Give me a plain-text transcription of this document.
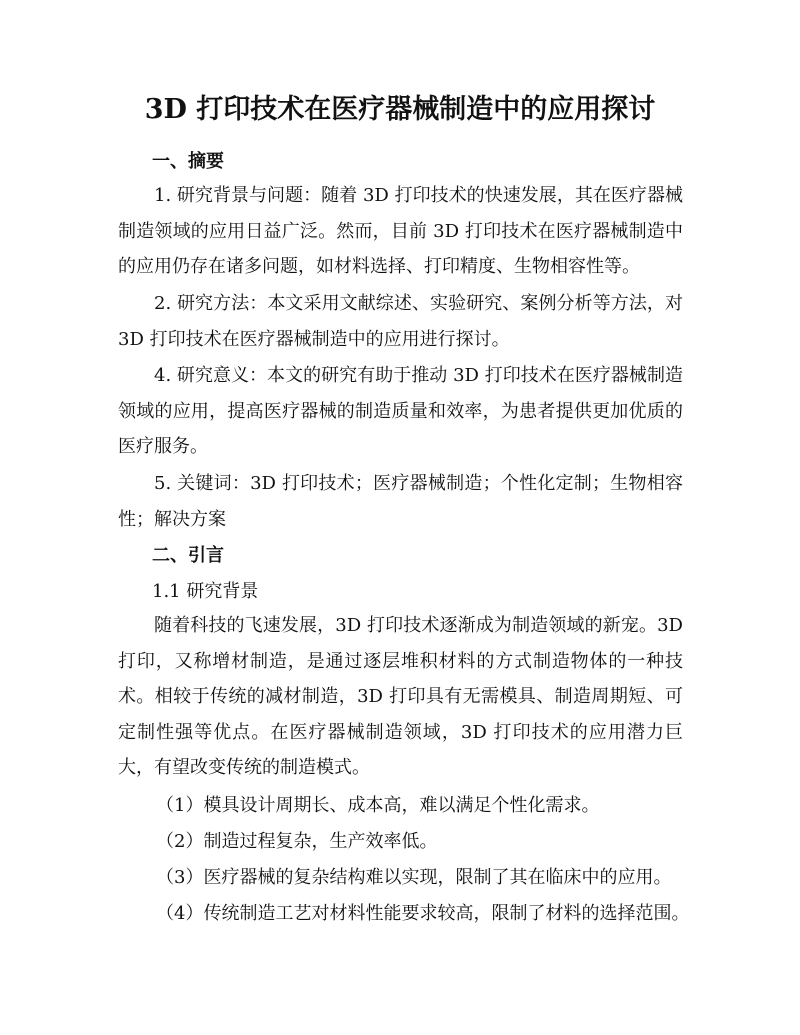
3D 打印技术在医疗器械制造中的应用探讨
一、摘要
1. 研究背景与问题：随着 3D 打印技术的快速发展，其在医疗器械制造领域的应用日益广泛。然而，目前 3D 打印技术在医疗器械制造中的应用仍存在诸多问题，如材料选择、打印精度、生物相容性等。
2. 研究方法：本文采用文献综述、实验研究、案例分析等方法，对 3D 打印技术在医疗器械制造中的应用进行探讨。
4. 研究意义：本文的研究有助于推动 3D 打印技术在医疗器械制造领域的应用，提高医疗器械的制造质量和效率，为患者提供更加优质的医疗服务。
5. 关键词：3D 打印技术；医疗器械制造；个性化定制；生物相容性；解决方案
二、引言
1.1 研究背景
随着科技的飞速发展，3D 打印技术逐渐成为制造领域的新宠。3D 打印，又称增材制造，是通过逐层堆积材料的方式制造物体的一种技术。相较于传统的减材制造，3D 打印具有无需模具、制造周期短、可定制性强等优点。在医疗器械制造领域，3D 打印技术的应用潜力巨大，有望改变传统的制造模式。
（1）模具设计周期长、成本高，难以满足个性化需求。
（2）制造过程复杂，生产效率低。
（3）医疗器械的复杂结构难以实现，限制了其在临床中的应用。
（4）传统制造工艺对材料性能要求较高，限制了材料的选择范围。
